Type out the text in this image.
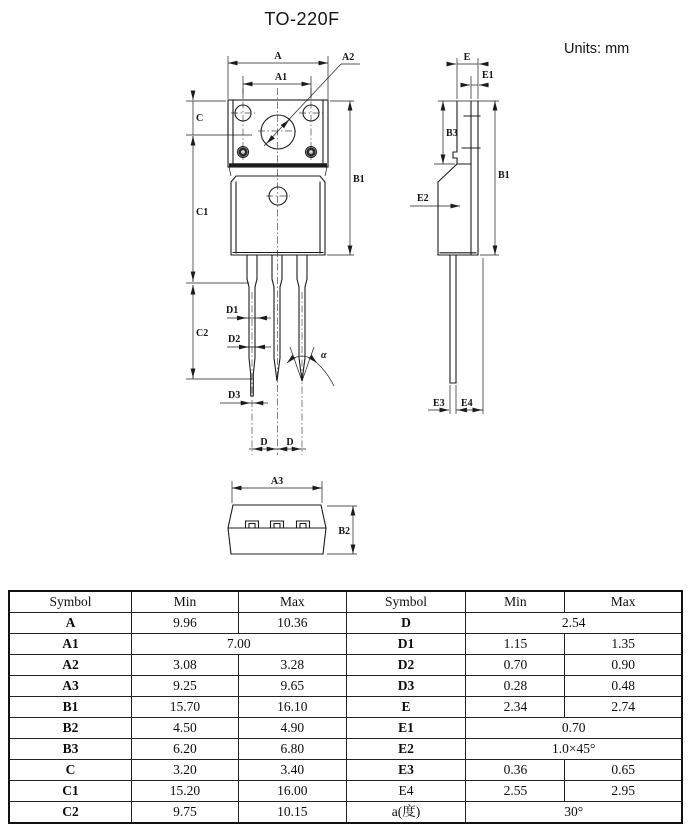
TO-220F
Units: mm
A
A1
A2
C
C1
C2
B1
D1
D2
D3
D D
α
E
E1
B3
E2
B1
E3 E4
A3
B2
Symbol	Min	Max	Symbol	Min	Max
A	9.96	10.36	D	2.54	
A1	7.00		D1	1.15	1.35
A2	3.08	3.28	D2	0.70	0.90
A3	9.25	9.65	D3	0.28	0.48
B1	15.70	16.10	E	2.34	2.74
B2	4.50	4.90	E1	0.70	
B3	6.20	6.80	E2	1.0×45°	
C	3.20	3.40	E3	0.36	0.65
C1	15.20	16.00	E4	2.55	2.95
C2	9.75	10.15	a(度)	30°	
